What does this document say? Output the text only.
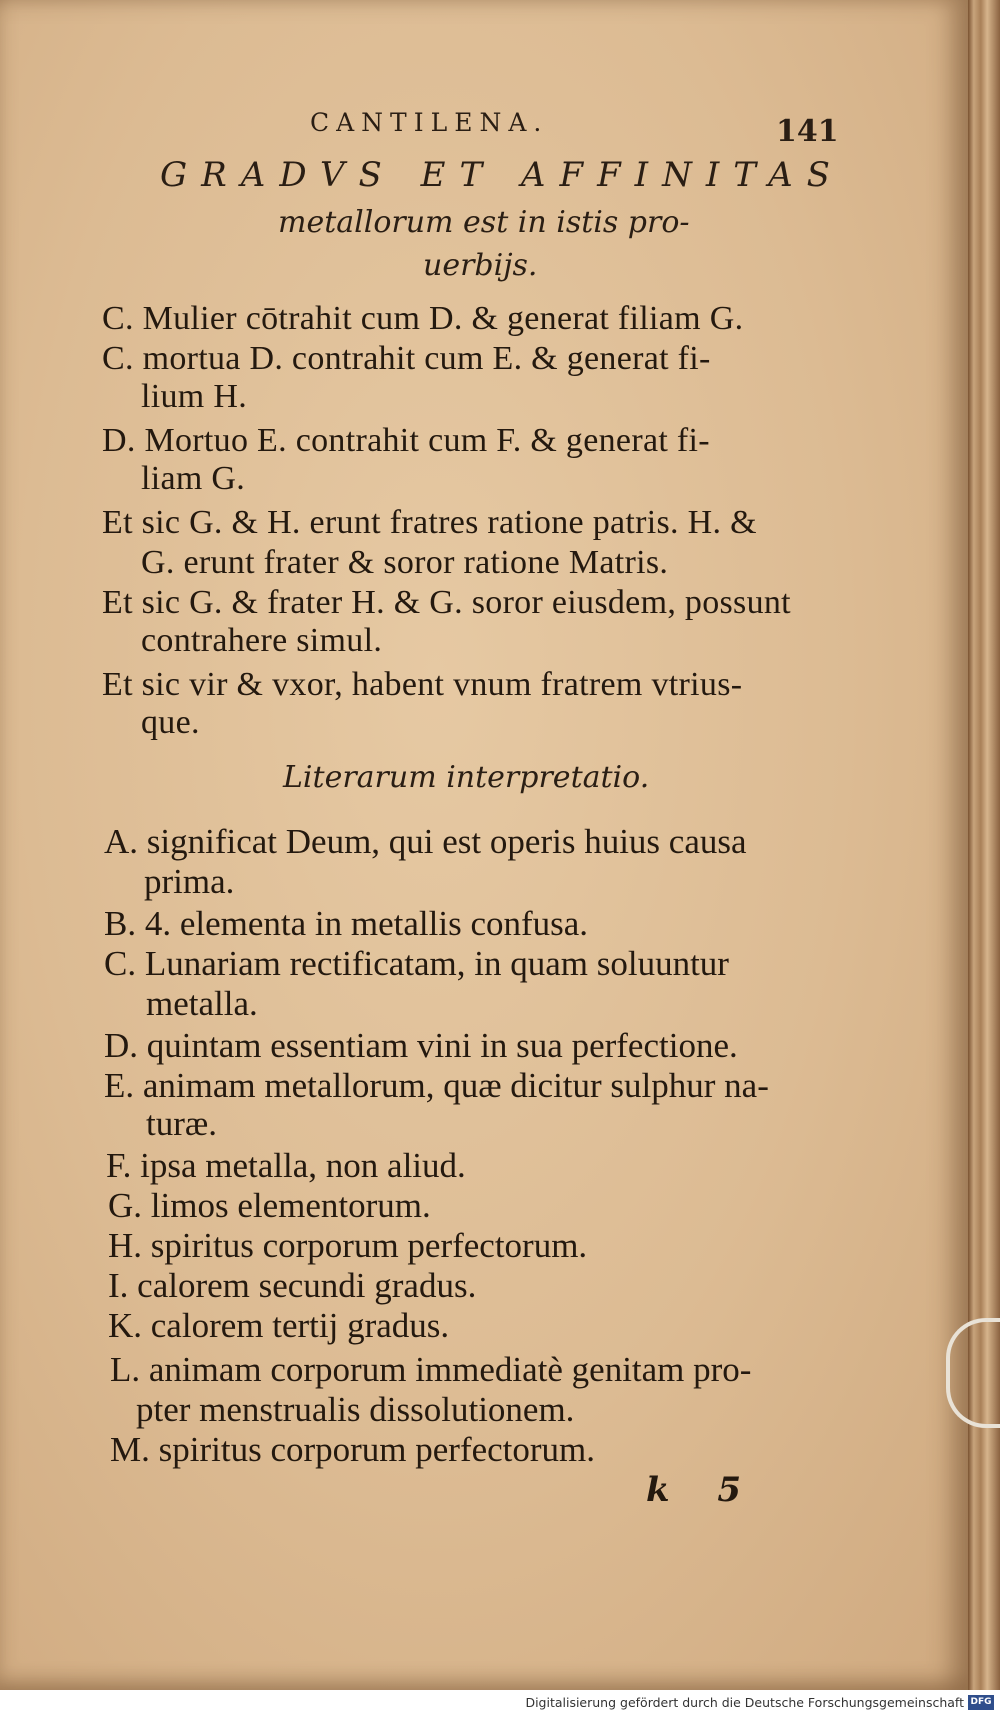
CANTILENA.	141
GRADVS ET AFFINITAS
metallorum est in istis pro-
uerbijs.
C. Mulier cōtrahit cum D. & generat filiam G.
C. mortua D. contrahit cum E. & generat fi-
lium H.
D. Mortuo E. contrahit cum F. & generat fi-
liam G.
Et sic G. & H. erunt fratres ratione patris. H. &
G. erunt frater & soror ratione Matris.
Et sic G. & frater H. & G. soror eiusdem, possunt
contrahere simul.
Et sic vir & vxor, habent vnum fratrem vtrius-
que.
Literarum interpretatio.
A. significat Deum, qui est operis huius causa
prima.
B. 4. elementa in metallis confusa.
C. Lunariam rectificatam, in quam soluuntur
metalla.
D. quintam essentiam vini in sua perfectione.
E. animam metallorum, quæ dicitur sulphur na-
turæ.
F. ipsa metalla, non aliud.
G. limos elementorum.
H. spiritus corporum perfectorum.
I. calorem secundi gradus.
K. calorem tertij gradus.
L. animam corporum immediatè genitam pro-
pter menstrualis dissolutionem.
M. spiritus corporum perfectorum.
k 5
Digitalisierung gefördert durch die Deutsche Forschungsgemeinschaft DFG
